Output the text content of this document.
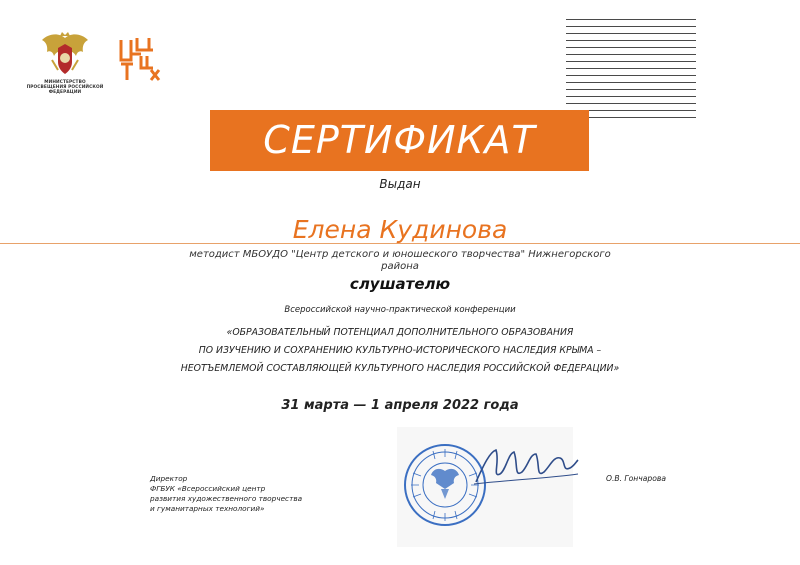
МИНИСТЕРСТВО ПРОСВЕЩЕНИЯ РОССИЙСКОЙ ФЕДЕРАЦИИ
СЕРТИФИКАТ
Выдан
Елена Кудинова
методист МБОУДО "Центр детского и юношеского творчества" Нижнегорского района
слушателю
Всероссийской научно-практической конференции
«ОБРАЗОВАТЕЛЬНЫЙ ПОТЕНЦИАЛ ДОПОЛНИТЕЛЬНОГО ОБРАЗОВАНИЯ
ПО ИЗУЧЕНИЮ И СОХРАНЕНИЮ КУЛЬТУРНО-ИСТОРИЧЕСКОГО НАСЛЕДИЯ КРЫМА –
НЕОТЪЕМЛЕМОЙ СОСТАВЛЯЮЩЕЙ КУЛЬТУРНОГО НАСЛЕДИЯ РОССИЙСКОЙ ФЕДЕРАЦИИ»
31 марта — 1 апреля 2022 года
Директор
ФГБУК «Всероссийский центр
развития художественного творчества
и гуманитарных технологий»
О.В. Гончарова
